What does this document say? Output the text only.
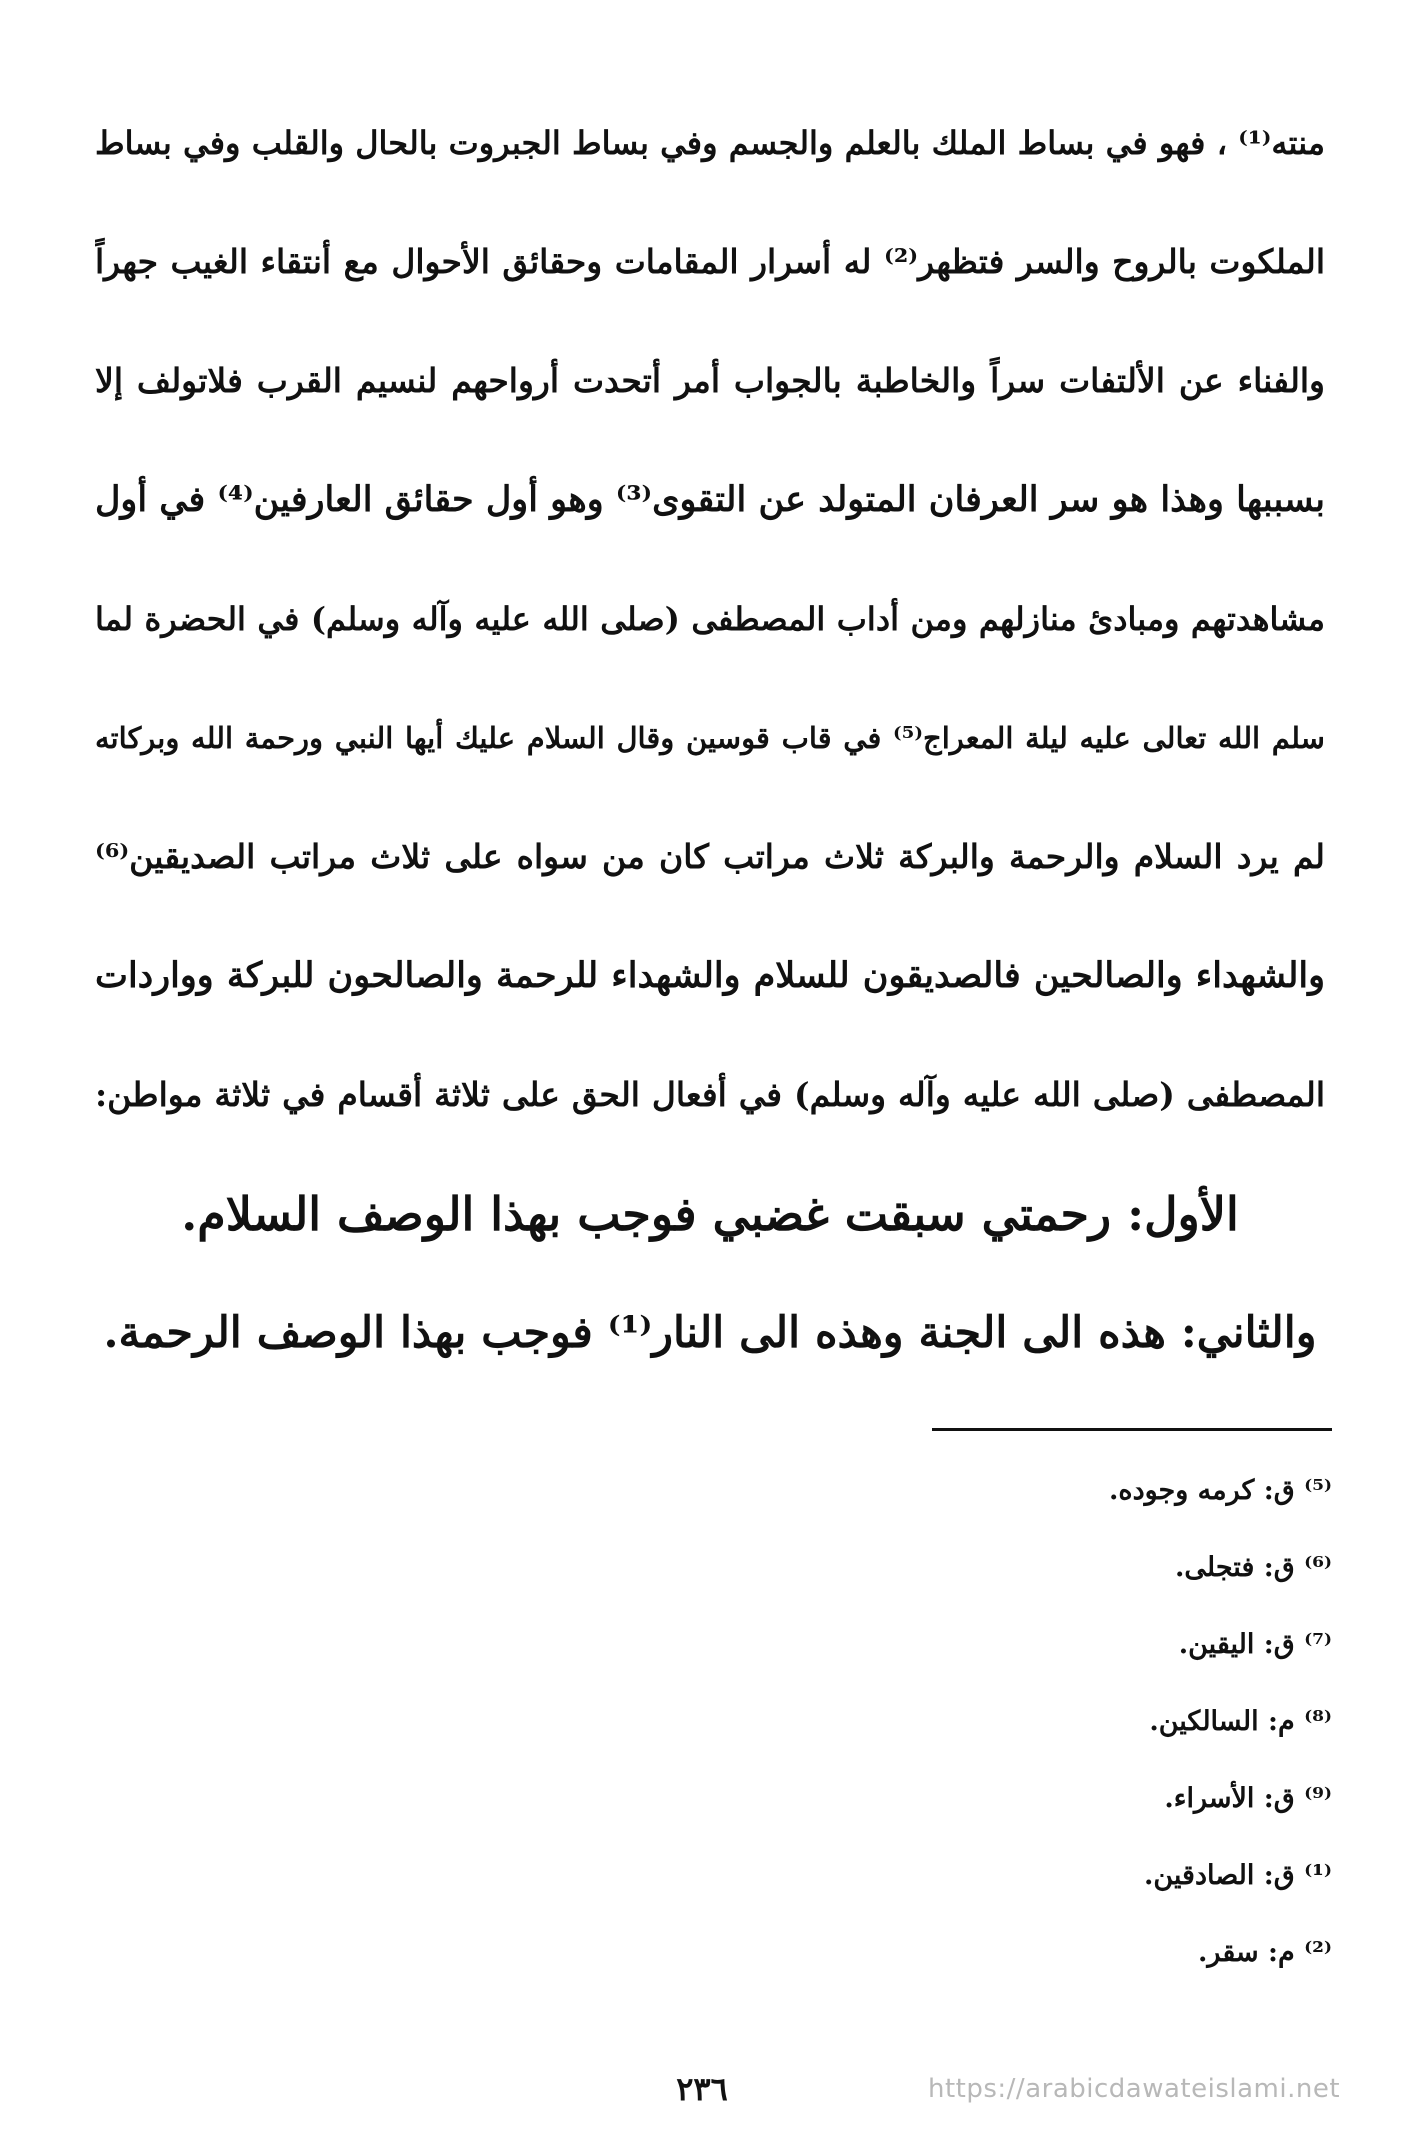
منته⁽¹⁾ ، فهو في بساط الملك بالعلم والجسم وفي بساط الجبروت بالحال والقلب وفي بساط
الملكوت بالروح والسر فتظهر⁽²⁾ له أسرار المقامات وحقائق الأحوال مع أنتقاء الغيب جهراً
والفناء عن الألتفات سراً والخاطبة بالجواب أمر أتحدت أرواحهم لنسيم القرب فلاتولف إلا
بسببها وهذا هو سر العرفان المتولد عن التقوى⁽³⁾ وهو أول حقائق العارفين⁽⁴⁾ في أول
مشاهدتهم ومبادئ منازلهم ومن أداب المصطفى (صلى الله عليه وآله وسلم) في الحضرة لما
سلم الله تعالى عليه ليلة المعراج⁽⁵⁾ في قاب قوسين وقال السلام عليك أيها النبي ورحمة الله وبركاته
لم يرد السلام والرحمة والبركة ثلاث مراتب كان من سواه على ثلاث مراتب الصديقين⁽⁶⁾
والشهداء والصالحين فالصديقون للسلام والشهداء للرحمة والصالحون للبركة وواردات
المصطفى (صلى الله عليه وآله وسلم) في أفعال الحق على ثلاثة أقسام في ثلاثة مواطن:
الأول: رحمتي سبقت غضبي فوجب بهذا الوصف السلام.
والثاني: هذه الى الجنة وهذه الى النار⁽¹⁾ فوجب بهذا الوصف الرحمة.
⁽⁵⁾ ق: كرمه وجوده.
⁽⁶⁾ ق: فتجلى.
⁽⁷⁾ ق: اليقين.
⁽⁸⁾ م: السالكين.
⁽⁹⁾ ق: الأسراء.
⁽¹⁾ ق: الصادقين.
⁽²⁾ م: سقر.
٢٣٦	https://arabicdawateislami.net
